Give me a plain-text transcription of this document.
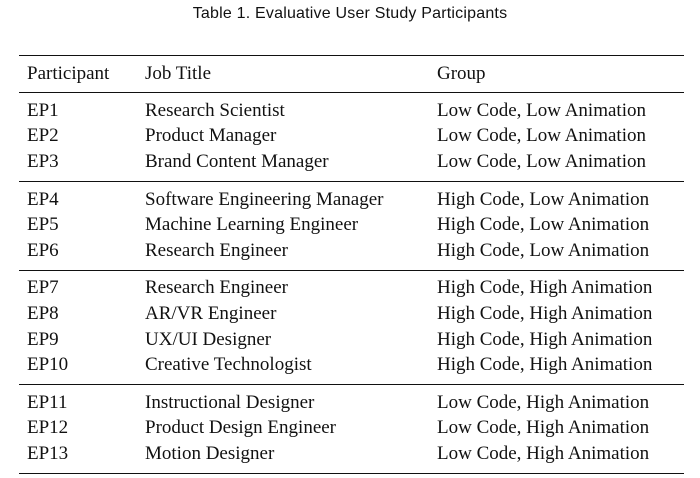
Table 1. Evaluative User Study Participants
Participant	Job Title	Group
EP1	Research Scientist	Low Code, Low Animation
EP2	Product Manager	Low Code, Low Animation
EP3	Brand Content Manager	Low Code, Low Animation
EP4	Software Engineering Manager	High Code, Low Animation
EP5	Machine Learning Engineer	High Code, Low Animation
EP6	Research Engineer	High Code, Low Animation
EP7	Research Engineer	High Code, High Animation
EP8	AR/VR Engineer	High Code, High Animation
EP9	UX/UI Designer	High Code, High Animation
EP10	Creative Technologist	High Code, High Animation
EP11	Instructional Designer	Low Code, High Animation
EP12	Product Design Engineer	Low Code, High Animation
EP13	Motion Designer	Low Code, High Animation
